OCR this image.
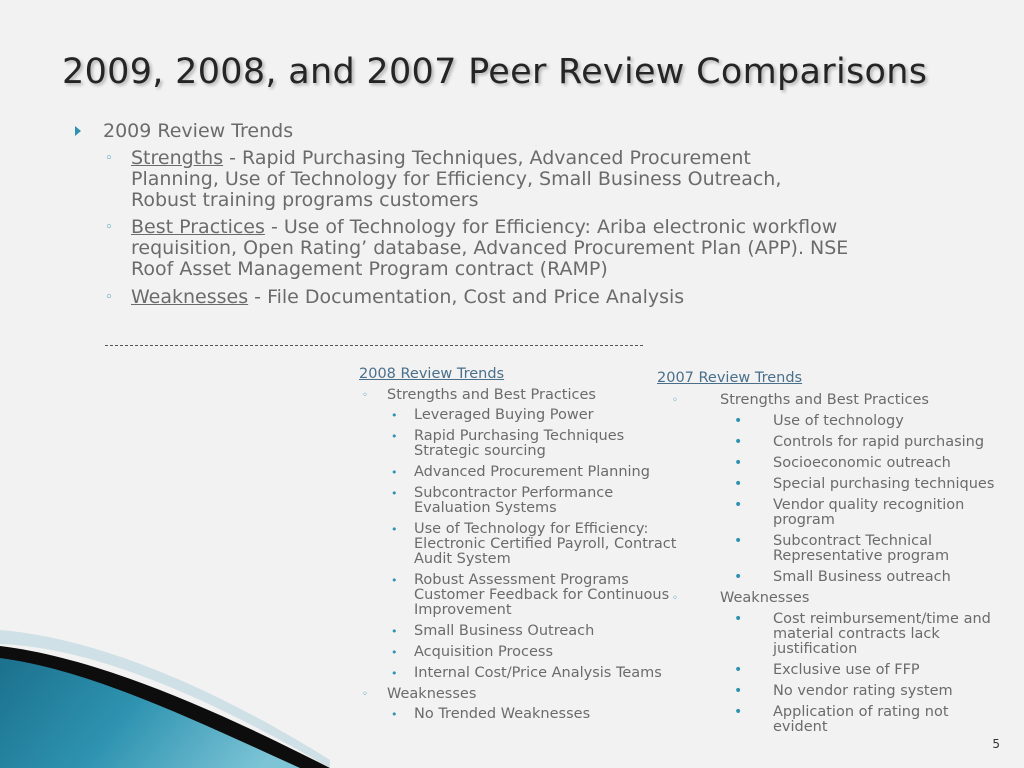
2009, 2008, and 2007 Peer Review Comparisons
2009 Review Trends
◦ Strengths - Rapid Purchasing Techniques, Advanced Procurement
Planning, Use of Technology for Efficiency, Small Business Outreach,
Robust training programs customers
◦ Best Practices - Use of Technology for Efficiency: Ariba electronic workflow
requisition, Open Rating’ database, Advanced Procurement Plan (APP). NSE
Roof Asset Management Program contract (RAMP)
◦ Weaknesses - File Documentation, Cost and Price Analysis
2008 Review Trends
◦ Strengths and Best Practices
• Leveraged Buying Power
• Rapid Purchasing Techniques
Strategic sourcing
• Advanced Procurement Planning
• Subcontractor Performance
Evaluation Systems
• Use of Technology for Efficiency:
Electronic Certified Payroll, Contract
Audit System
• Robust Assessment Programs
Customer Feedback for Continuous
Improvement
• Small Business Outreach
• Acquisition Process
• Internal Cost/Price Analysis Teams
◦ Weaknesses
• No Trended Weaknesses
2007 Review Trends
◦	Strengths and Best Practices
• Use of technology
• Controls for rapid purchasing
• Socioeconomic outreach
• Special purchasing techniques
• Vendor quality recognition
program
• Subcontract Technical
Representative program
• Small Business outreach
◦	Weaknesses
• Cost reimbursement/time and
material contracts lack
justification
• Exclusive use of FFP
• No vendor rating system
• Application of rating not
evident
5
